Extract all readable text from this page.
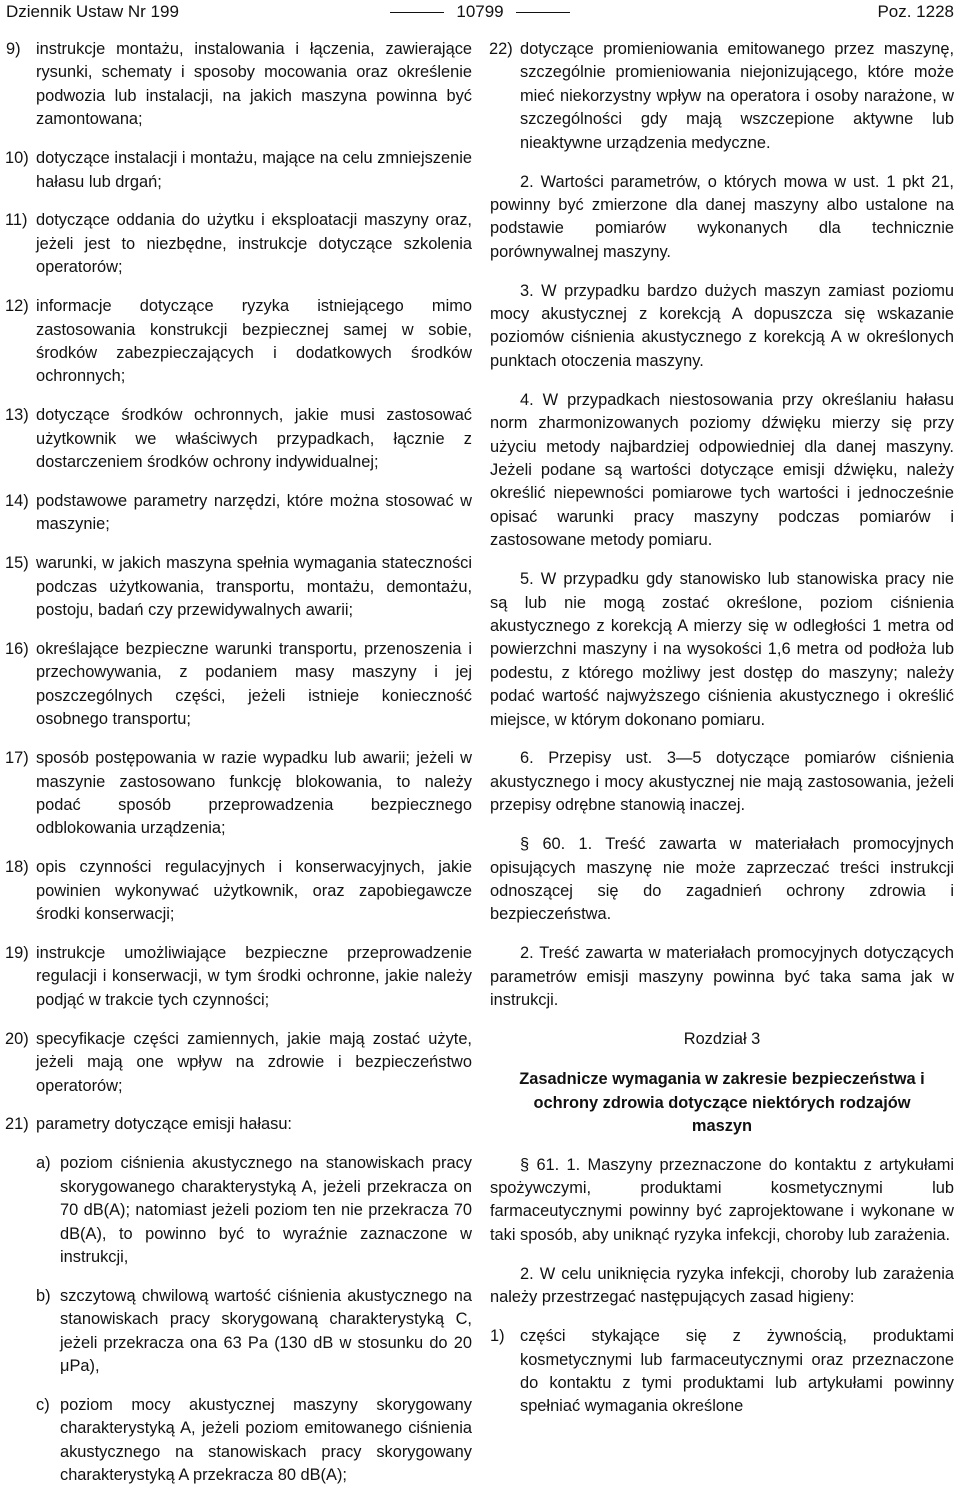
Dziennik Ustaw Nr 199	10799	Poz. 1228
9) instrukcje montażu, instalowania i łączenia, zawierające rysunki, schematy i sposoby mocowania oraz określenie podwozia lub instalacji, na jakich maszyna powinna być zamontowana;
10) dotyczące instalacji i montażu, mające na celu zmniejszenie hałasu lub drgań;
11) dotyczące oddania do użytku i eksploatacji maszyny oraz, jeżeli jest to niezbędne, instrukcje dotyczące szkolenia operatorów;
12) informacje dotyczące ryzyka istniejącego mimo zastosowania konstrukcji bezpiecznej samej w sobie, środków zabezpieczających i dodatkowych środków ochronnych;
13) dotyczące środków ochronnych, jakie musi zastosować użytkownik we właściwych przypadkach, łącznie z dostarczeniem środków ochrony indywidualnej;
14) podstawowe parametry narzędzi, które można stosować w maszynie;
15) warunki, w jakich maszyna spełnia wymagania stateczności podczas użytkowania, transportu, montażu, demontażu, postoju, badań czy przewidywalnych awarii;
16) określające bezpieczne warunki transportu, przenoszenia i przechowywania, z podaniem masy maszyny i jej poszczególnych części, jeżeli istnieje konieczność osobnego transportu;
17) sposób postępowania w razie wypadku lub awarii; jeżeli w maszynie zastosowano funkcję blokowania, to należy podać sposób przeprowadzenia bezpiecznego odblokowania urządzenia;
18) opis czynności regulacyjnych i konserwacyjnych, jakie powinien wykonywać użytkownik, oraz zapobiegawcze środki konserwacji;
19) instrukcje umożliwiające bezpieczne przeprowadzenie regulacji i konserwacji, w tym środki ochronne, jakie należy podjąć w trakcie tych czynności;
20) specyfikacje części zamiennych, jakie mają zostać użyte, jeżeli mają one wpływ na zdrowie i bezpieczeństwo operatorów;
21) parametry dotyczące emisji hałasu:
a) poziom ciśnienia akustycznego na stanowiskach pracy skorygowanego charakterystyką A, jeżeli przekracza on 70 dB(A); natomiast jeżeli poziom ten nie przekracza 70 dB(A), to powinno być to wyraźnie zaznaczone w instrukcji,
b) szczytową chwilową wartość ciśnienia akustycznego na stanowiskach pracy skorygowaną charakterystyką C, jeżeli przekracza ona 63 Pa (130 dB w stosunku do 20 μPa),
c) poziom mocy akustycznej maszyny skorygowany charakterystyką A, jeżeli poziom emitowanego ciśnienia akustycznego na stanowiskach pracy skorygowany charakterystyką A przekracza 80 dB(A);
22) dotyczące promieniowania emitowanego przez maszynę, szczególnie promieniowania niejonizującego, które może mieć niekorzystny wpływ na operatora i osoby narażone, w szczególności gdy mają wszczepione aktywne lub nieaktywne urządzenia medyczne.

2. Wartości parametrów, o których mowa w ust. 1 pkt 21, powinny być zmierzone dla danej maszyny albo ustalone na podstawie pomiarów wykonanych dla technicznie porównywalnej maszyny.

3. W przypadku bardzo dużych maszyn zamiast poziomu mocy akustycznej z korekcją A dopuszcza się wskazanie poziomów ciśnienia akustycznego z korekcją A w określonych punktach otoczenia maszyny.

4. W przypadkach niestosowania przy określaniu hałasu norm zharmonizowanych poziomy dźwięku mierzy się przy użyciu metody najbardziej odpowiedniej dla danej maszyny. Jeżeli podane są wartości dotyczące emisji dźwięku, należy określić niepewności pomiarowe tych wartości i jednocześnie opisać warunki pracy maszyny podczas pomiarów i zastosowane metody pomiaru.

5. W przypadku gdy stanowisko lub stanowiska pracy nie są lub nie mogą zostać określone, poziom ciśnienia akustycznego z korekcją A mierzy się w odległości 1 metra od powierzchni maszyny i na wysokości 1,6 metra od podłoża lub podestu, z którego możliwy jest dostęp do maszyny; należy podać wartość najwyższego ciśnienia akustycznego i określić miejsce, w którym dokonano pomiaru.

6. Przepisy ust. 3—5 dotyczące pomiarów ciśnienia akustycznego i mocy akustycznej nie mają zastosowania, jeżeli przepisy odrębne stanowią inaczej.

§ 60. 1. Treść zawarta w materiałach promocyjnych opisujących maszynę nie może zaprzeczać treści instrukcji odnoszącej się do zagadnień ochrony zdrowia i bezpieczeństwa.

2. Treść zawarta w materiałach promocyjnych dotyczących parametrów emisji maszyny powinna być taka sama jak w instrukcji.

Rozdział 3
Zasadnicze wymagania w zakresie bezpieczeństwa i ochrony zdrowia dotyczące niektórych rodzajów maszyn

§ 61. 1. Maszyny przeznaczone do kontaktu z artykułami spożywczymi, produktami kosmetycznymi lub farmaceutycznymi powinny być zaprojektowane i wykonane w taki sposób, aby uniknąć ryzyka infekcji, choroby lub zarażenia.

2. W celu uniknięcia ryzyka infekcji, choroby lub zarażenia należy przestrzegać następujących zasad higieny:

1) części stykające się z żywnością, produktami kosmetycznymi lub farmaceutycznymi oraz przeznaczone do kontaktu z tymi produktami lub artykułami powinny spełniać wymagania określone
